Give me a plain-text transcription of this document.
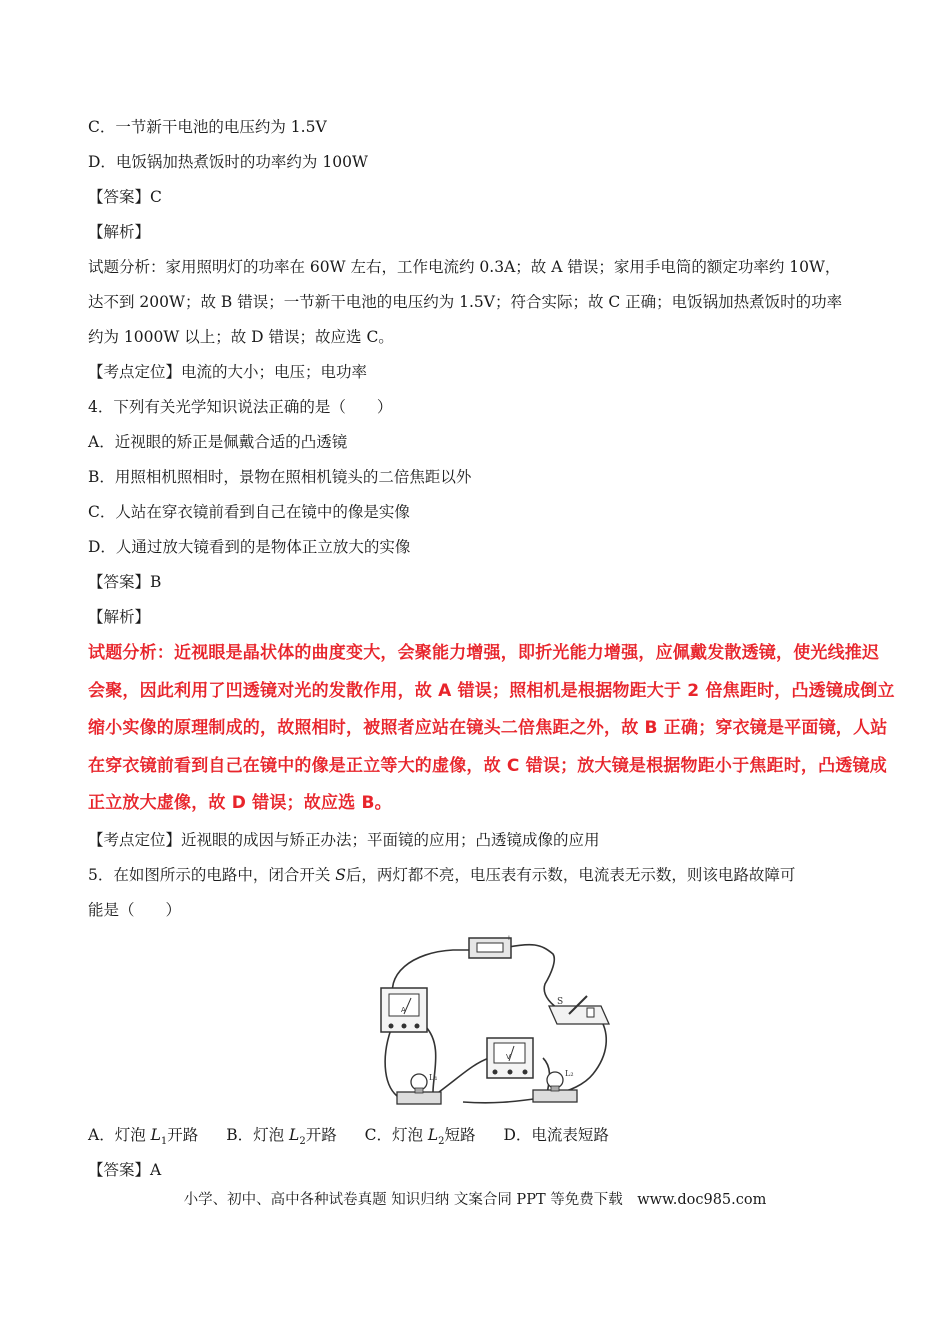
C．一节新干电池的电压约为 1.5V
D．电饭锅加热煮饭时的功率约为 100W
【答案】C
【解析】
试题分析：家用照明灯的功率在 60W 左右，工作电流约 0.3A；故 A 错误；家用手电筒的额定功率约 10W，
达不到 200W；故 B 错误；一节新干电池的电压约为 1.5V；符合实际；故 C 正确；电饭锅加热煮饭时的功率
约为 1000W 以上；故 D 错误；故应选 C。
【考点定位】电流的大小；电压；电功率
4．下列有关光学知识说法正确的是（　　）
A．近视眼的矫正是佩戴合适的凸透镜
B．用照相机照相时，景物在照相机镜头的二倍焦距以外
C．人站在穿衣镜前看到自己在镜中的像是实像
D．人通过放大镜看到的是物体正立放大的实像
【答案】B
【解析】
试题分析：近视眼是晶状体的曲度变大，会聚能力增强，即折光能力增强，应佩戴发散透镜，使光线推迟
会聚，因此利用了凹透镜对光的发散作用，故 A 错误；照相机是根据物距大于 2 倍焦距时，凸透镜成倒立
缩小实像的原理制成的，故照相时，被照者应站在镜头二倍焦距之外，故 B 正确；穿衣镜是平面镜，人站
在穿衣镜前看到自己在镜中的像是正立等大的虚像，故 C 错误；放大镜是根据物距小于焦距时，凸透镜成
正立放大虚像，故 D 错误；故应选 B。
【考点定位】近视眼的成因与矫正办法；平面镜的应用；凸透镜成像的应用
5．在如图所示的电路中，闭合开关 S后，两灯都不亮，电压表有示数，电流表无示数，则该电路故障可
能是（　　）
A
V
+
S
L₁	L₂
A．灯泡 $L_1$开路 B．灯泡 $L_2$开路 C．灯泡 $L_2$短路 D．电流表短路
【答案】A
小学、初中、高中各种试卷真题 知识归纳 文案合同 PPT 等免费下载　www.doc985.com
